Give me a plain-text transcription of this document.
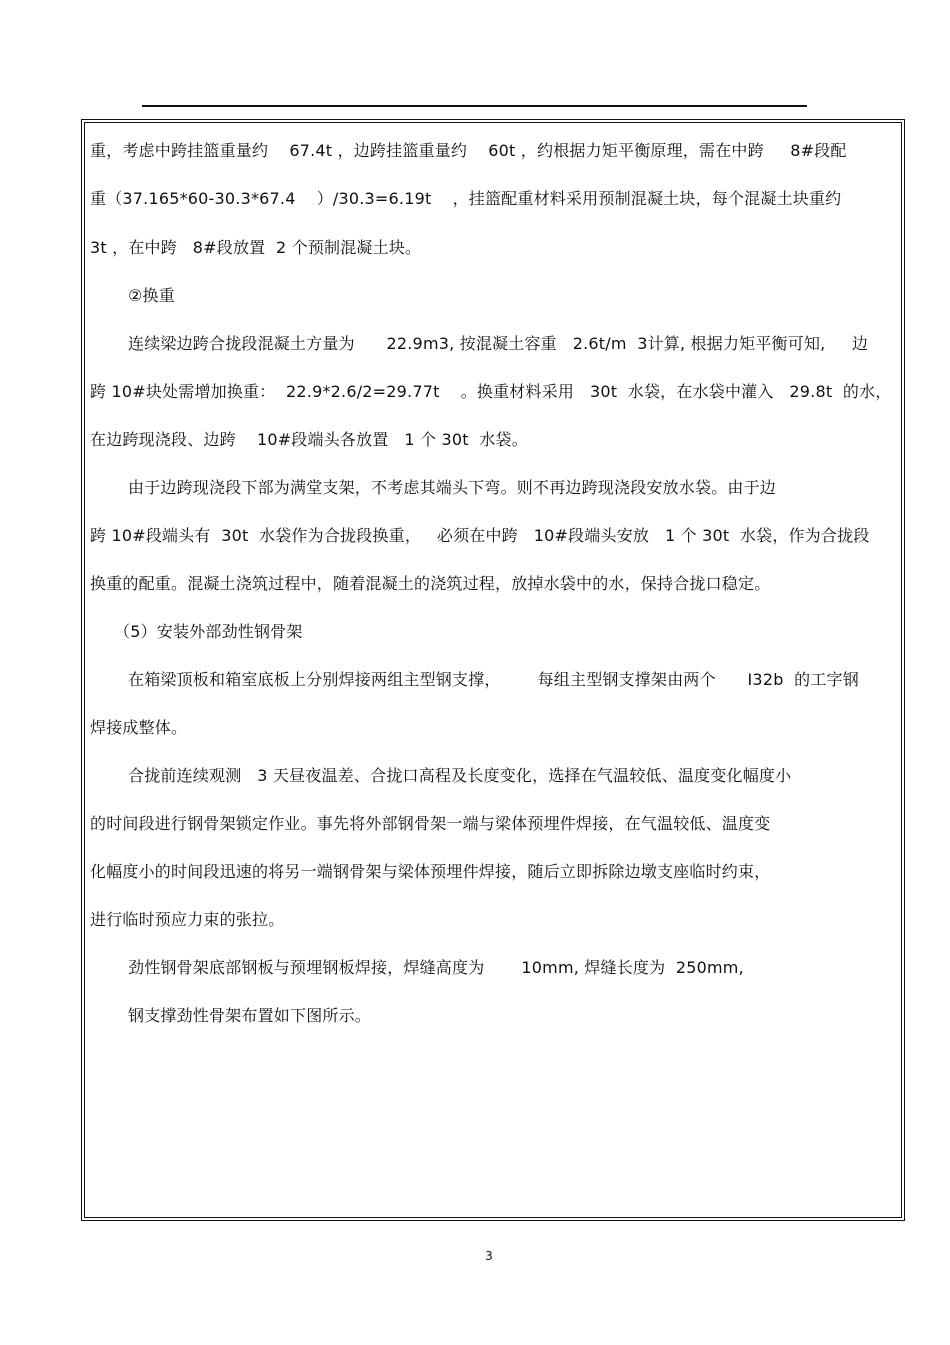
重，考虑中跨挂篮重量约    67.4t ，边跨挂篮重量约    60t ，约根据力矩平衡原理，需在中跨     8#段配
重（37.165*60-30.3*67.4    ）/30.3=6.19t    ，挂篮配重材料采用预制混凝土块，每个混凝土块重约
3t ，在中跨   8#段放置  2 个预制混凝土块。
②换重
连续梁边跨合拢段混凝土方量为      22.9m3, 按混凝土容重   2.6t/m  3计算, 根据力矩平衡可知,     边
跨 10#块处需增加换重：  22.9*2.6/2=29.77t    。换重材料采用   30t  水袋，在水袋中灌入   29.8t  的水，
在边跨现浇段、边跨    10#段端头各放置   1 个 30t  水袋。
由于边跨现浇段下部为满堂支架，不考虑其端头下弯。则不再边跨现浇段安放水袋。由于边
跨 10#段端头有  30t  水袋作为合拢段换重，   必须在中跨   10#段端头安放   1 个 30t  水袋，作为合拢段
换重的配重。混凝土浇筑过程中，随着混凝土的浇筑过程，放掉水袋中的水，保持合拢口稳定。
（5）安装外部劲性钢骨架
在箱梁顶板和箱室底板上分别焊接两组主型钢支撑，       每组主型钢支撑架由两个      I32b  的工字钢
焊接成整体。
合拢前连续观测   3 天昼夜温差、合拢口高程及长度变化，选择在气温较低、温度变化幅度小
的时间段进行钢骨架锁定作业。事先将外部钢骨架一端与梁体预埋件焊接，在气温较低、温度变
化幅度小的时间段迅速的将另一端钢骨架与梁体预埋件焊接，随后立即拆除边墩支座临时约束，
进行临时预应力束的张拉。
劲性钢骨架底部钢板与预埋钢板焊接，焊缝高度为       10mm, 焊缝长度为  250mm,
钢支撑劲性骨架布置如下图所示。
3
